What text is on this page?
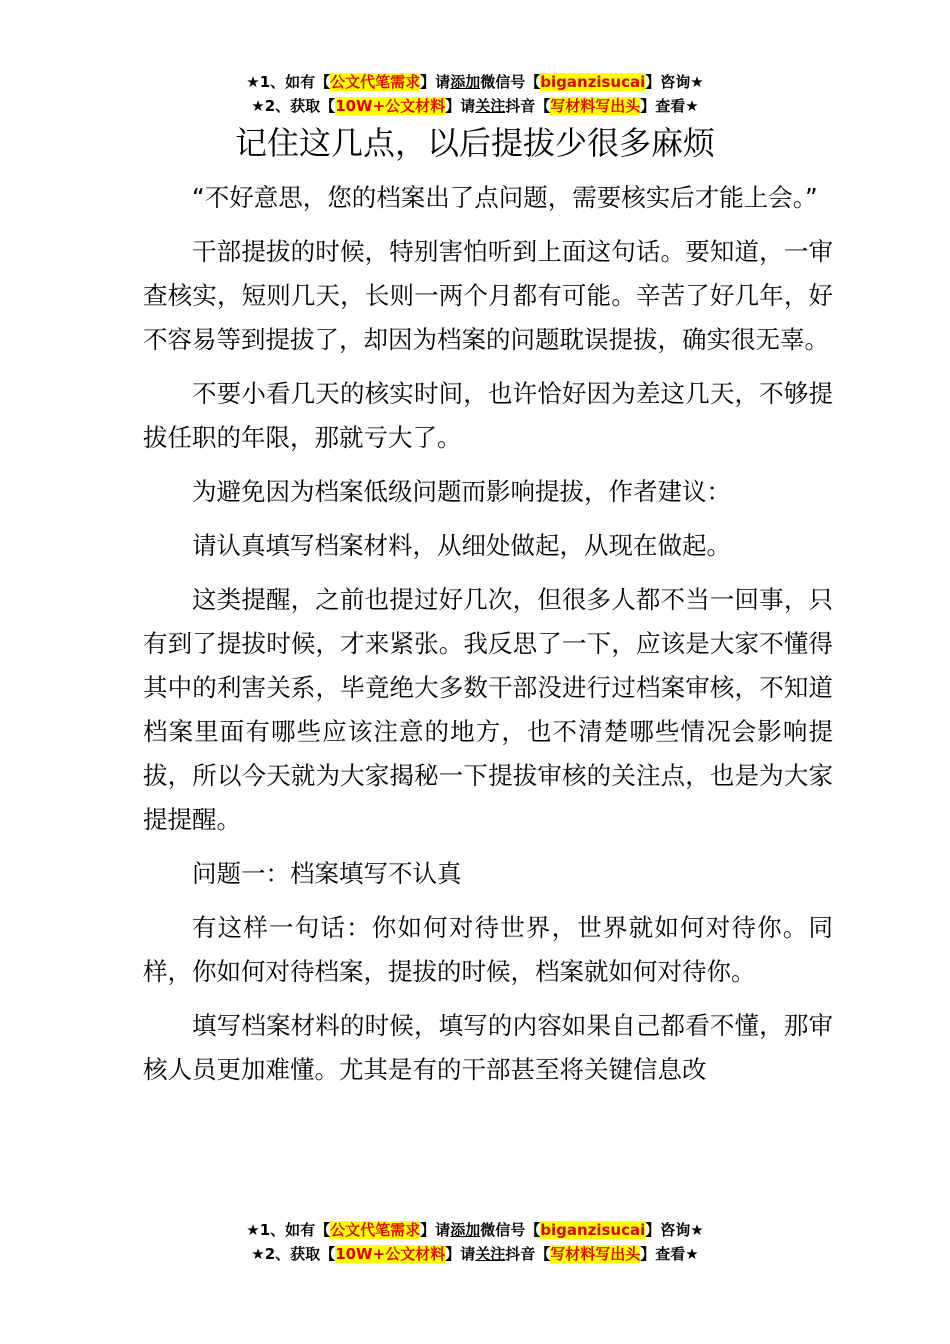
★1、如有【公文代笔需求】请添加微信号【biganzisucai】咨询★
★2、获取【10W+公文材料】请关注抖音【写材料写出头】查看★
记住这几点，以后提拔少很多麻烦

“不好意思，您的档案出了点问题，需要核实后才能上会。”

干部提拔的时候，特别害怕听到上面这句话。要知道，一审查核实，短则几天，长则一两个月都有可能。辛苦了好几年，好不容易等到提拔了，却因为档案的问题耽误提拔，确实很无辜。

不要小看几天的核实时间，也许恰好因为差这几天，不够提拔任职的年限，那就亏大了。

为避免因为档案低级问题而影响提拔，作者建议：

请认真填写档案材料，从细处做起，从现在做起。

这类提醒，之前也提过好几次，但很多人都不当一回事，只有到了提拔时候，才来紧张。我反思了一下，应该是大家不懂得其中的利害关系，毕竟绝大多数干部没进行过档案审核，不知道档案里面有哪些应该注意的地方，也不清楚哪些情况会影响提拔，所以今天就为大家揭秘一下提拔审核的关注点，也是为大家提提醒。

问题一：档案填写不认真

有这样一句话：你如何对待世界，世界就如何对待你。同样，你如何对待档案，提拔的时候，档案就如何对待你。

填写档案材料的时候，填写的内容如果自己都看不懂，那审核人员更加难懂。尤其是有的干部甚至将关键信息改

★1、如有【公文代笔需求】请添加微信号【biganzisucai】咨询★
★2、获取【10W+公文材料】请关注抖音【写材料写出头】查看★
